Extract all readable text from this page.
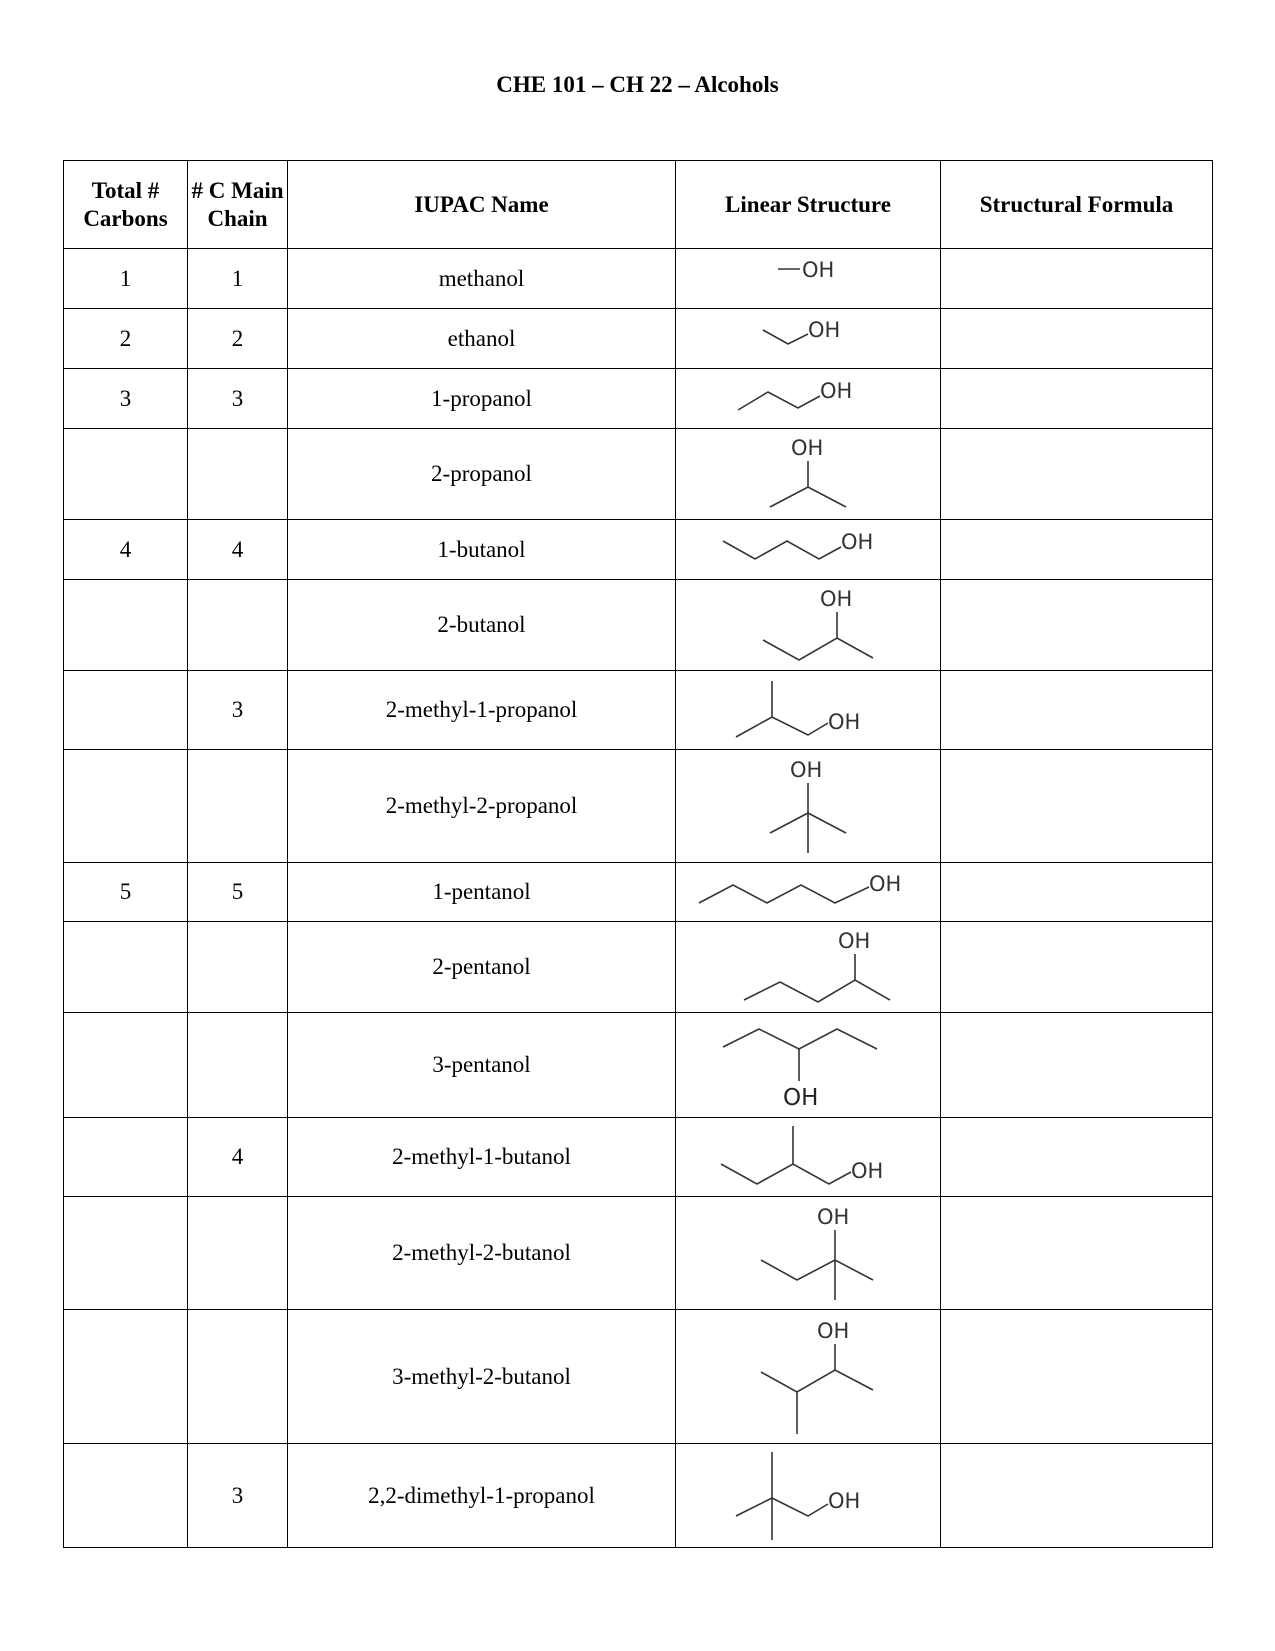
CHE 101 – CH 22 – Alcohols
Total # Carbons	# C Main Chain	IUPAC Name	Linear Structure	Structural Formula
1	1	methanol	OH	

2	2	ethanol	OH	

3	3	1-propanol	OH	

		2-propanol	OH	

4	4	1-butanol	OH	

		2-butanol	OH	

	3	2-methyl-1-propanol	OH	

		2-methyl-2-propanol	OH	

5	5	1-pentanol	OH	

		2-pentanol	OH	

		3-pentanol	OH	

	4	2-methyl-1-butanol	OH	

		2-methyl-2-butanol	OH	

		3-methyl-2-butanol	OH	

	3	2,2-dimethyl-1-propanol	OH	
